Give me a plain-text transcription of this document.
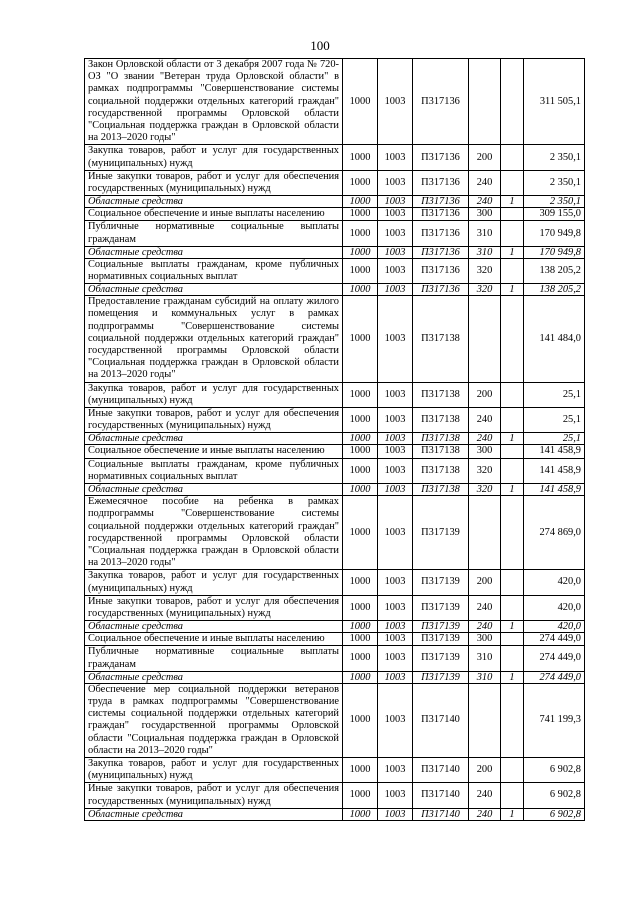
100
Закон Орловской области от 3 декабря 2007 года № 720-ОЗ "О звании "Ветеран труда Орловской области" в рамках подпрограммы "Совершенствование системы социальной поддержки отдельных категорий граждан" государственной программы Орловской области "Социальная поддержка граждан в Орловской области на 2013–2020 годы"	1000	1003	П317136			311 505,1
Закупка товаров, работ и услуг для государственных (муниципальных) нужд	1000	1003	П317136	200		2 350,1
Иные закупки товаров, работ и услуг для обеспечения государственных (муниципальных) нужд	1000	1003	П317136	240		2 350,1
Областные средства	1000	1003	П317136	240	1	2 350,1
Социальное обеспечение и иные выплаты населению	1000	1003	П317136	300		309 155,0
Публичные нормативные социальные выплаты гражданам	1000	1003	П317136	310		170 949,8
Областные средства	1000	1003	П317136	310	1	170 949,8
Социальные выплаты гражданам, кроме публичных нормативных социальных выплат	1000	1003	П317136	320		138 205,2
Областные средства	1000	1003	П317136	320	1	138 205,2
Предоставление гражданам субсидий на оплату жилого помещения и коммунальных услуг в рамках подпрограммы "Совершенствование системы социальной поддержки отдельных категорий граждан" государственной программы Орловской области "Социальная поддержка граждан в Орловской области на 2013–2020 годы"	1000	1003	П317138			141 484,0
Закупка товаров, работ и услуг для государственных (муниципальных) нужд	1000	1003	П317138	200		25,1
Иные закупки товаров, работ и услуг для обеспечения государственных (муниципальных) нужд	1000	1003	П317138	240		25,1
Областные средства	1000	1003	П317138	240	1	25,1
Социальное обеспечение и иные выплаты населению	1000	1003	П317138	300		141 458,9
Социальные выплаты гражданам, кроме публичных нормативных социальных выплат	1000	1003	П317138	320		141 458,9
Областные средства	1000	1003	П317138	320	1	141 458,9
Ежемесячное пособие на ребенка в рамках подпрограммы "Совершенствование системы социальной поддержки отдельных категорий граждан" государственной программы Орловской области "Социальная поддержка граждан в Орловской области на 2013–2020 годы"	1000	1003	П317139			274 869,0
Закупка товаров, работ и услуг для государственных (муниципальных) нужд	1000	1003	П317139	200		420,0
Иные закупки товаров, работ и услуг для обеспечения государственных (муниципальных) нужд	1000	1003	П317139	240		420,0
Областные средства	1000	1003	П317139	240	1	420,0
Социальное обеспечение и иные выплаты населению	1000	1003	П317139	300		274 449,0
Публичные нормативные социальные выплаты гражданам	1000	1003	П317139	310		274 449,0
Областные средства	1000	1003	П317139	310	1	274 449,0
Обеспечение мер социальной поддержки ветеранов труда в рамках подпрограммы "Совершенствование системы социальной поддержки отдельных категорий граждан" государственной программы Орловской области "Социальная поддержка граждан в Орловской области на 2013–2020 годы"	1000	1003	П317140			741 199,3
Закупка товаров, работ и услуг для государственных (муниципальных) нужд	1000	1003	П317140	200		6 902,8
Иные закупки товаров, работ и услуг для обеспечения государственных (муниципальных) нужд	1000	1003	П317140	240		6 902,8
Областные средства	1000	1003	П317140	240	1	6 902,8
